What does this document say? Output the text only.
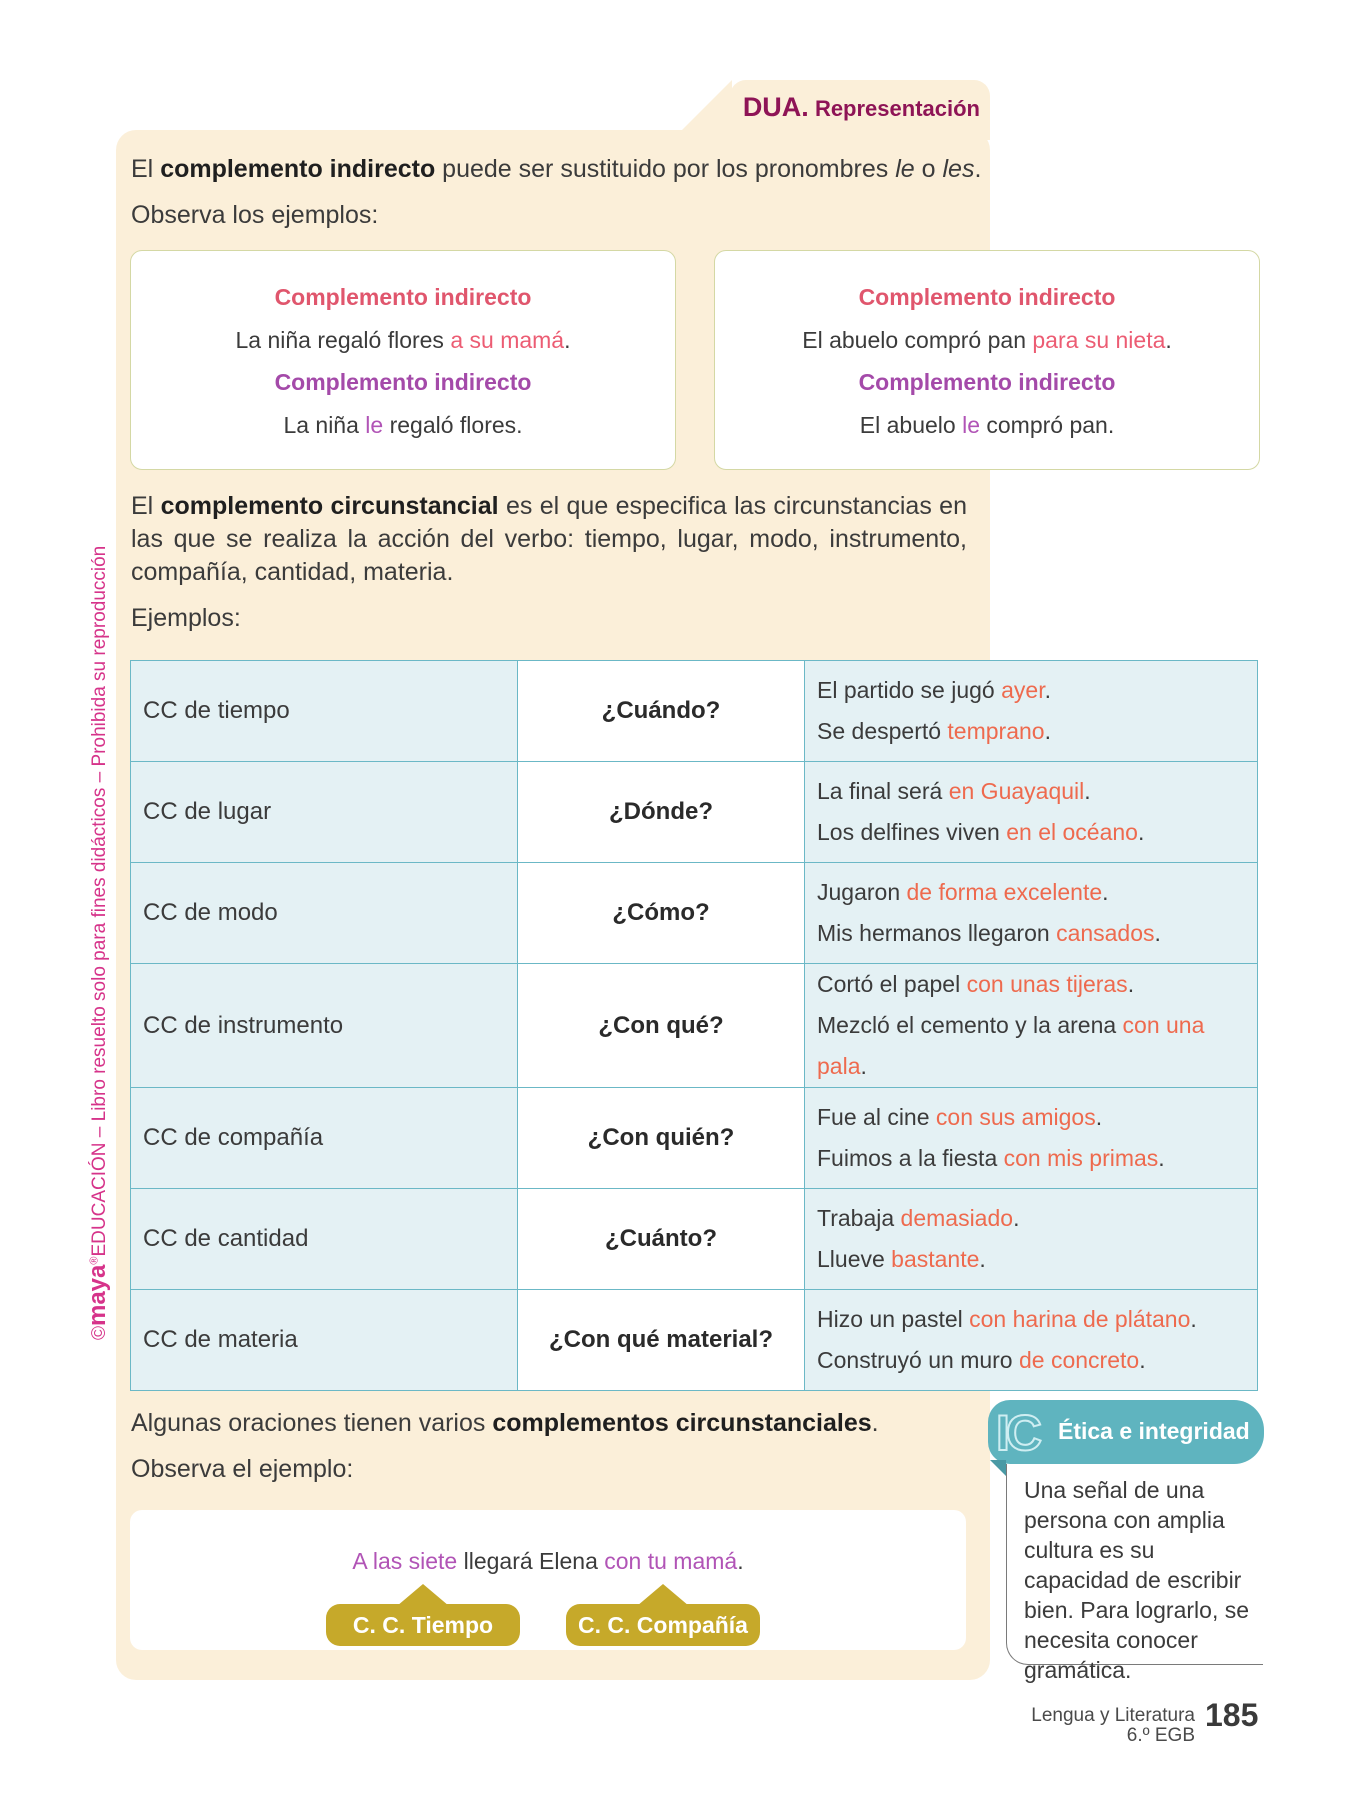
©maya®EDUCACIÓN – Libro resuelto solo para fines didácticos – Prohibida su reproducción
DUA. Representación
El complemento indirecto puede ser sustituido por los pronombres le o les.
Observa los ejemplos:
Complemento indirecto
La niña regaló flores a su mamá.
Complemento indirecto
La niña le regaló flores.
Complemento indirecto
El abuelo compró pan para su nieta.
Complemento indirecto
El abuelo le compró pan.
El complemento circunstancial es el que especifica las circunstancias en las que se realiza la acción del verbo: tiempo, lugar, modo, instrumento, compañía, cantidad, materia.
Ejemplos:
CC de tiempo	¿Cuándo?	El partido se jugó ayer.
Se despertó temprano.

CC de lugar	¿Dónde?	La final será en Guayaquil.
Los delfines viven en el océano.

CC de modo	¿Cómo?	Jugaron de forma excelente.
Mis hermanos llegaron cansados.

CC de instrumento	¿Con qué?	Cortó el papel con unas tijeras.
Mezcló el cemento y la arena con una pala.

CC de compañía	¿Con quién?	Fue al cine con sus amigos.
Fuimos a la fiesta con mis primas.

CC de cantidad	¿Cuánto?	Trabaja demasiado.
Llueve bastante.

CC de materia	¿Con qué material?	Hizo un pastel con harina de plátano.
Construyó un muro de concreto.
Algunas oraciones tienen varios complementos circunstanciales.
Observa el ejemplo:
A las siete llegará Elena con tu mamá.
C. C. Tiempo	C. C. Compañía
IC Ética e integridad
Una señal de una persona con amplia cultura es su capacidad de escribir bien. Para lograrlo, se necesita conocer gramática.
Lengua y Literatura
6.º EGB
185
